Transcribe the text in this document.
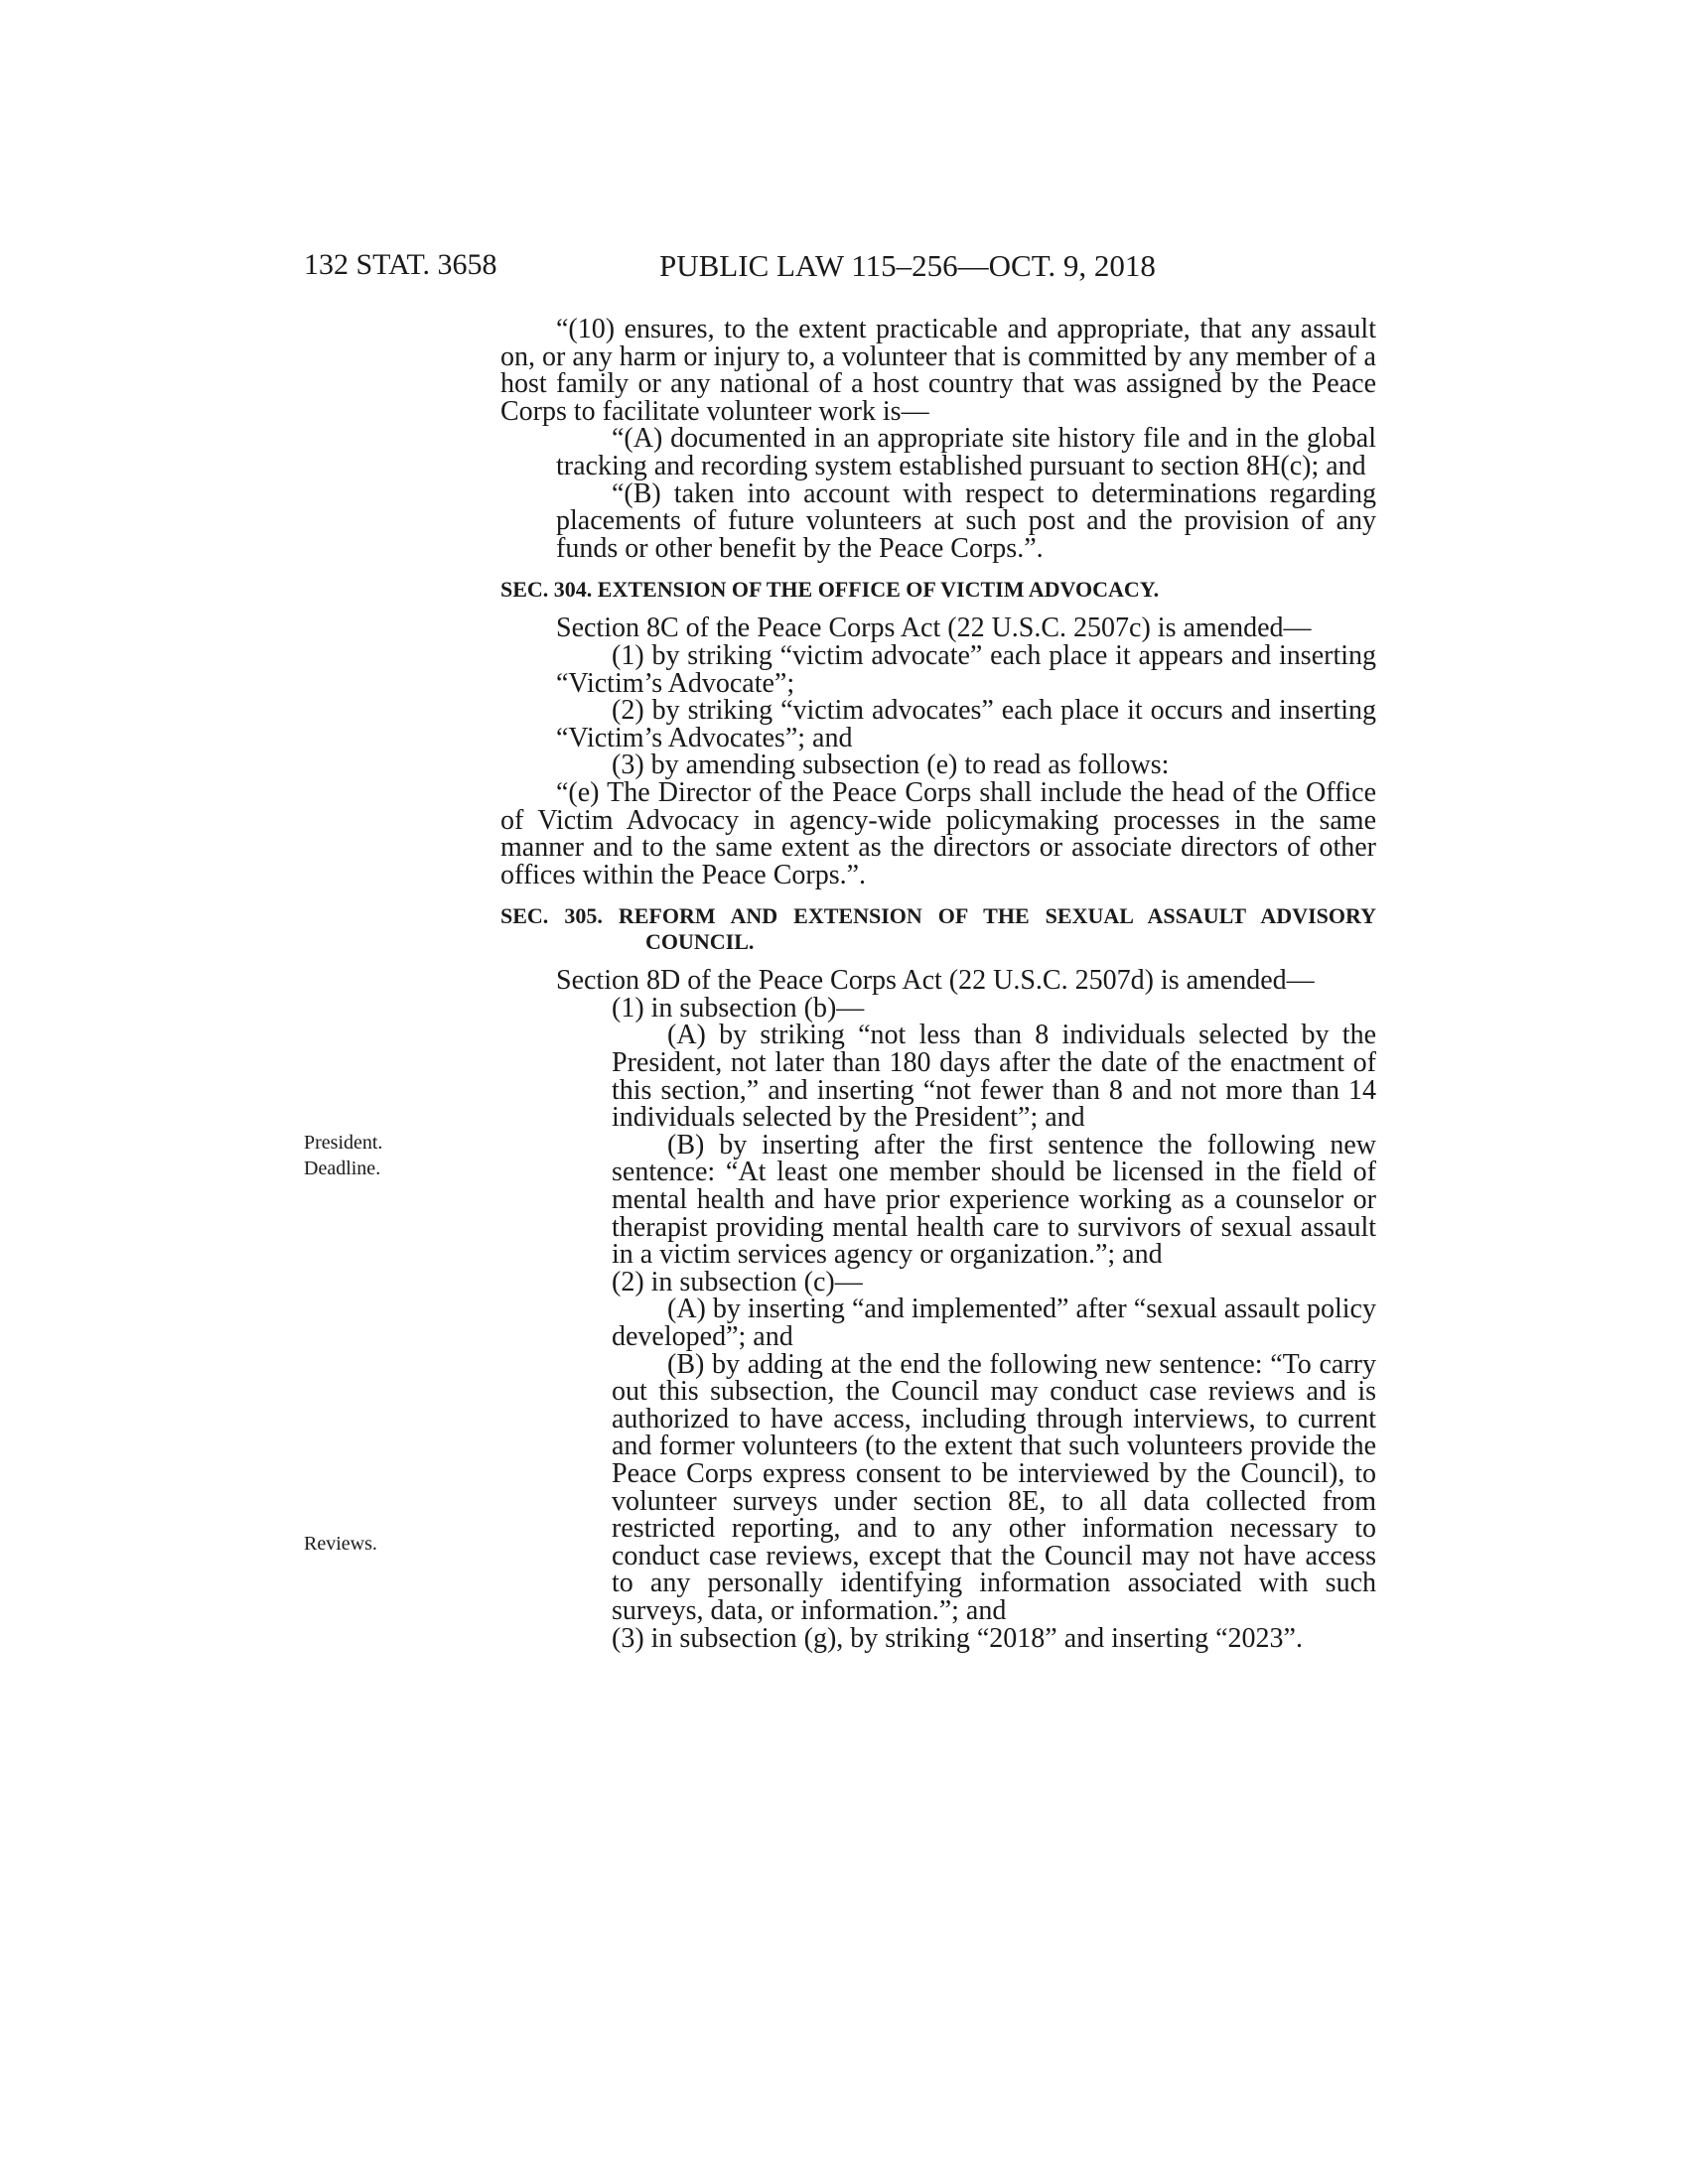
132 STAT. 3658	PUBLIC LAW 115–256—OCT. 9, 2018
President.
Deadline.
Reviews.

“(10) ensures, to the extent practicable and appropriate, that any assault on, or any harm or injury to, a volunteer that is committed by any member of a host family or any national of a host country that was assigned by the Peace Corps to facilitate volunteer work is—

“(A) documented in an appropriate site history file and in the global tracking and recording system established pursuant to section 8H(c); and

“(B) taken into account with respect to determinations regarding placements of future volunteers at such post and the provision of any funds or other benefit by the Peace Corps.”.

SEC. 304. EXTENSION OF THE OFFICE OF VICTIM ADVOCACY.

Section 8C of the Peace Corps Act (22 U.S.C. 2507c) is amended—

(1) by striking “victim advocate” each place it appears and inserting “Victim’s Advocate”;

(2) by striking “victim advocates” each place it occurs and inserting “Victim’s Advocates”; and

(3) by amending subsection (e) to read as follows:

“(e) The Director of the Peace Corps shall include the head of the Office of Victim Advocacy in agency-wide policymaking processes in the same manner and to the same extent as the directors or associate directors of other offices within the Peace Corps.”.

SEC. 305. REFORM AND EXTENSION OF THE SEXUAL ASSAULT ADVISORY COUNCIL.

Section 8D of the Peace Corps Act (22 U.S.C. 2507d) is amended—

(1) in subsection (b)—

(A) by striking “not less than 8 individuals selected by the President, not later than 180 days after the date of the enactment of this section,” and inserting “not fewer than 8 and not more than 14 individuals selected by the President”; and

(B) by inserting after the first sentence the following new sentence: “At least one member should be licensed in the field of mental health and have prior experience working as a counselor or therapist providing mental health care to survivors of sexual assault in a victim services agency or organization.”; and

(2) in subsection (c)—

(A) by inserting “and implemented” after “sexual assault policy developed”; and

(B) by adding at the end the following new sentence: “To carry out this subsection, the Council may conduct case reviews and is authorized to have access, including through interviews, to current and former volunteers (to the extent that such volunteers provide the Peace Corps express consent to be interviewed by the Council), to volunteer surveys under section 8E, to all data collected from restricted reporting, and to any other information necessary to conduct case reviews, except that the Council may not have access to any personally identifying information associated with such surveys, data, or information.”; and

(3) in subsection (g), by striking “2018” and inserting “2023”.
